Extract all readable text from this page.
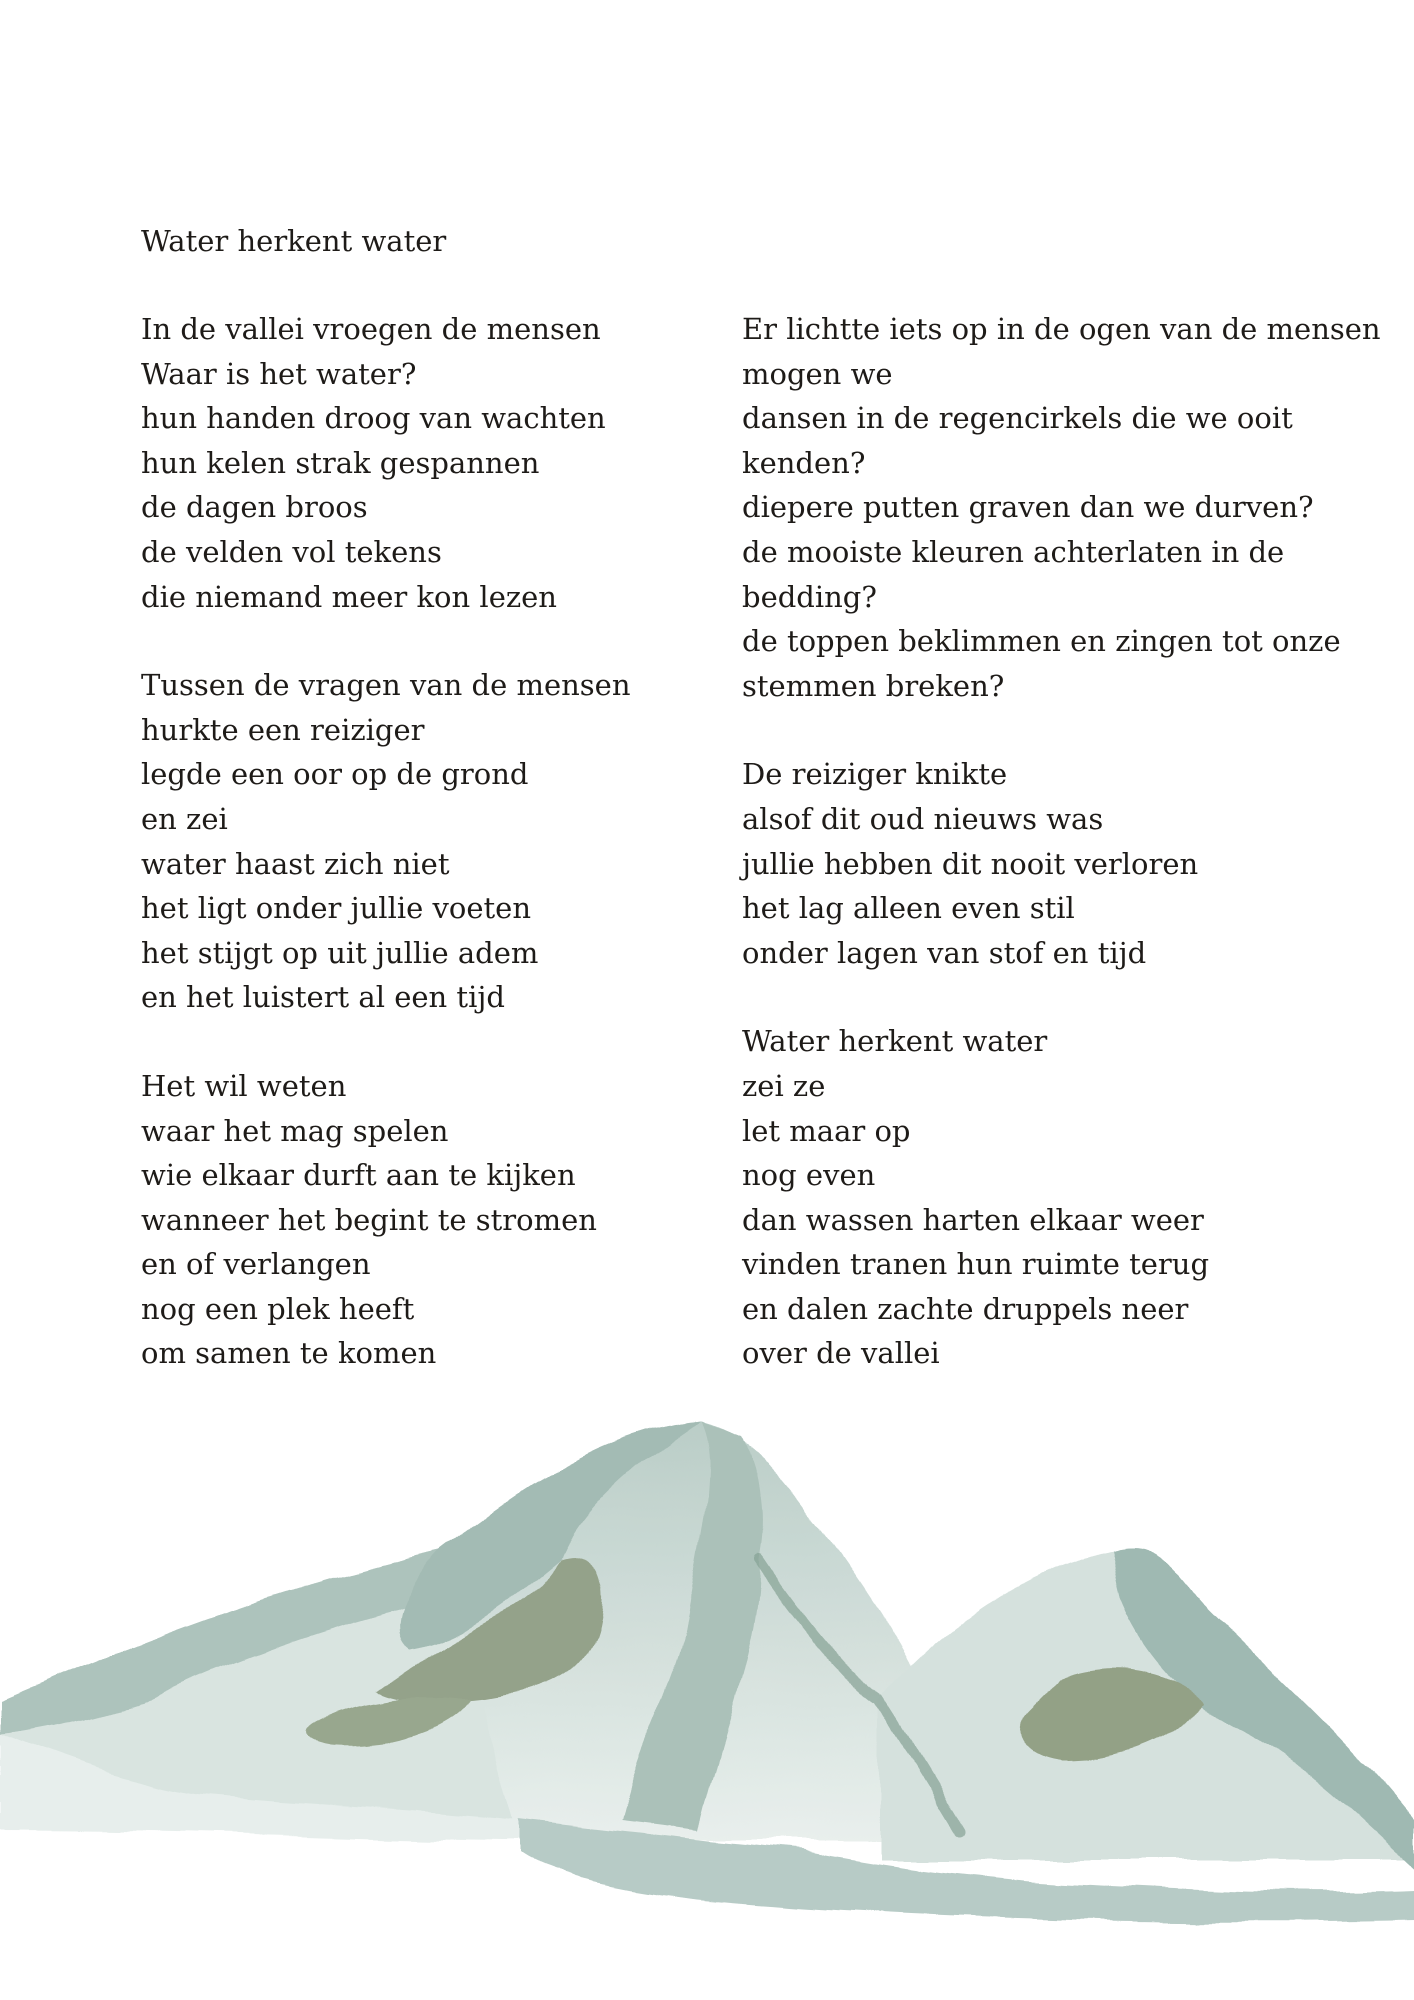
Water herkent water
In de vallei vroegen de mensen
Waar is het water?
hun handen droog van wachten
hun kelen strak gespannen
de dagen broos
de velden vol tekens
die niemand meer kon lezen
Tussen de vragen van de mensen
hurkte een reiziger
legde een oor op de grond
en zei
water haast zich niet
het ligt onder jullie voeten
het stijgt op uit jullie adem
en het luistert al een tijd
Het wil weten
waar het mag spelen
wie elkaar durft aan te kijken
wanneer het begint te stromen
en of verlangen
nog een plek heeft
om samen te komen
Er lichtte iets op in de ogen van de mensen
mogen we
dansen in de regencirkels die we ooit
kenden?
diepere putten graven dan we durven?
de mooiste kleuren achterlaten in de
bedding?
de toppen beklimmen en zingen tot onze
stemmen breken?
De reiziger knikte
alsof dit oud nieuws was
jullie hebben dit nooit verloren
het lag alleen even stil
onder lagen van stof en tijd
Water herkent water
zei ze
let maar op
nog even
dan wassen harten elkaar weer
vinden tranen hun ruimte terug
en dalen zachte druppels neer
over de vallei
